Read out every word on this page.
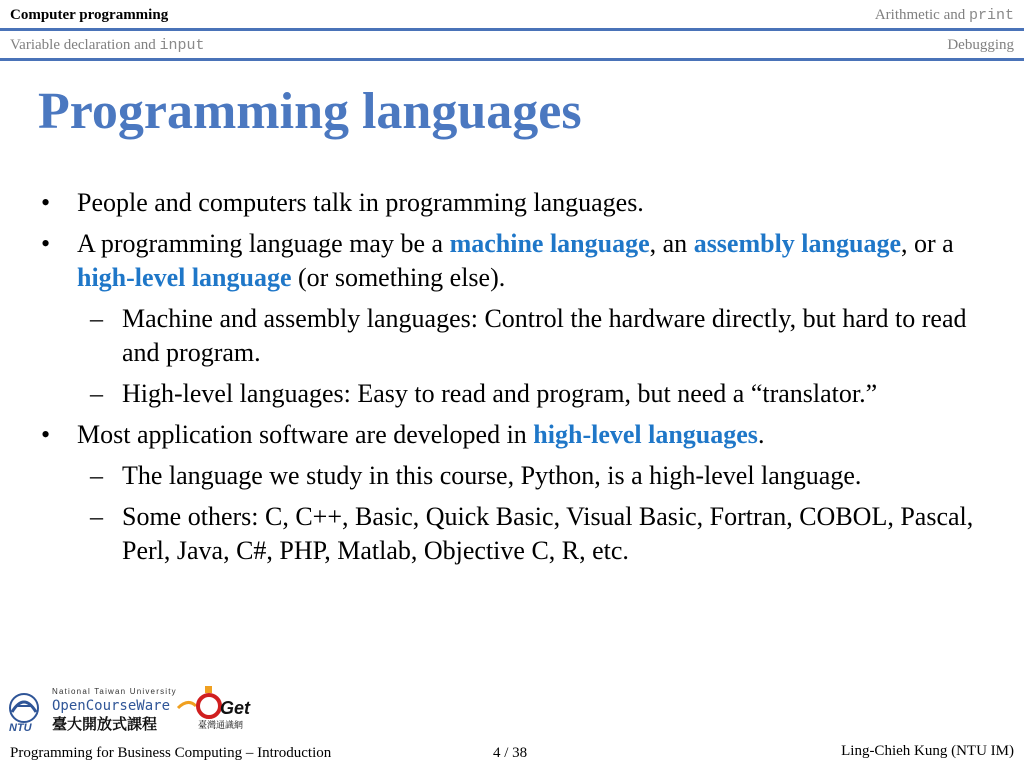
Computer programming	Arithmetic and print
Variable declaration and input	Debugging
Programming languages
• People and computers talk in programming languages.
• A programming language may be a machine language, an assembly language, or a high-level language (or something else).
– Machine and assembly languages: Control the hardware directly, but hard to read and program.
– High-level languages: Easy to read and program, but need a “translator.”
• Most application software are developed in high-level languages.
– The language we study in this course, Python, is a high-level language.
– Some others: C, C++, Basic, Quick Basic, Visual Basic, Fortran, COBOL, Pascal, Perl, Java, C#, PHP, Matlab, Objective C, R, etc.
NTU
National Taiwan University
OpenCourseWare
臺大開放式課程
Get
臺灣通識網
Programming for Business Computing – Introduction	4 / 38	Ling-Chieh Kung (NTU IM)
